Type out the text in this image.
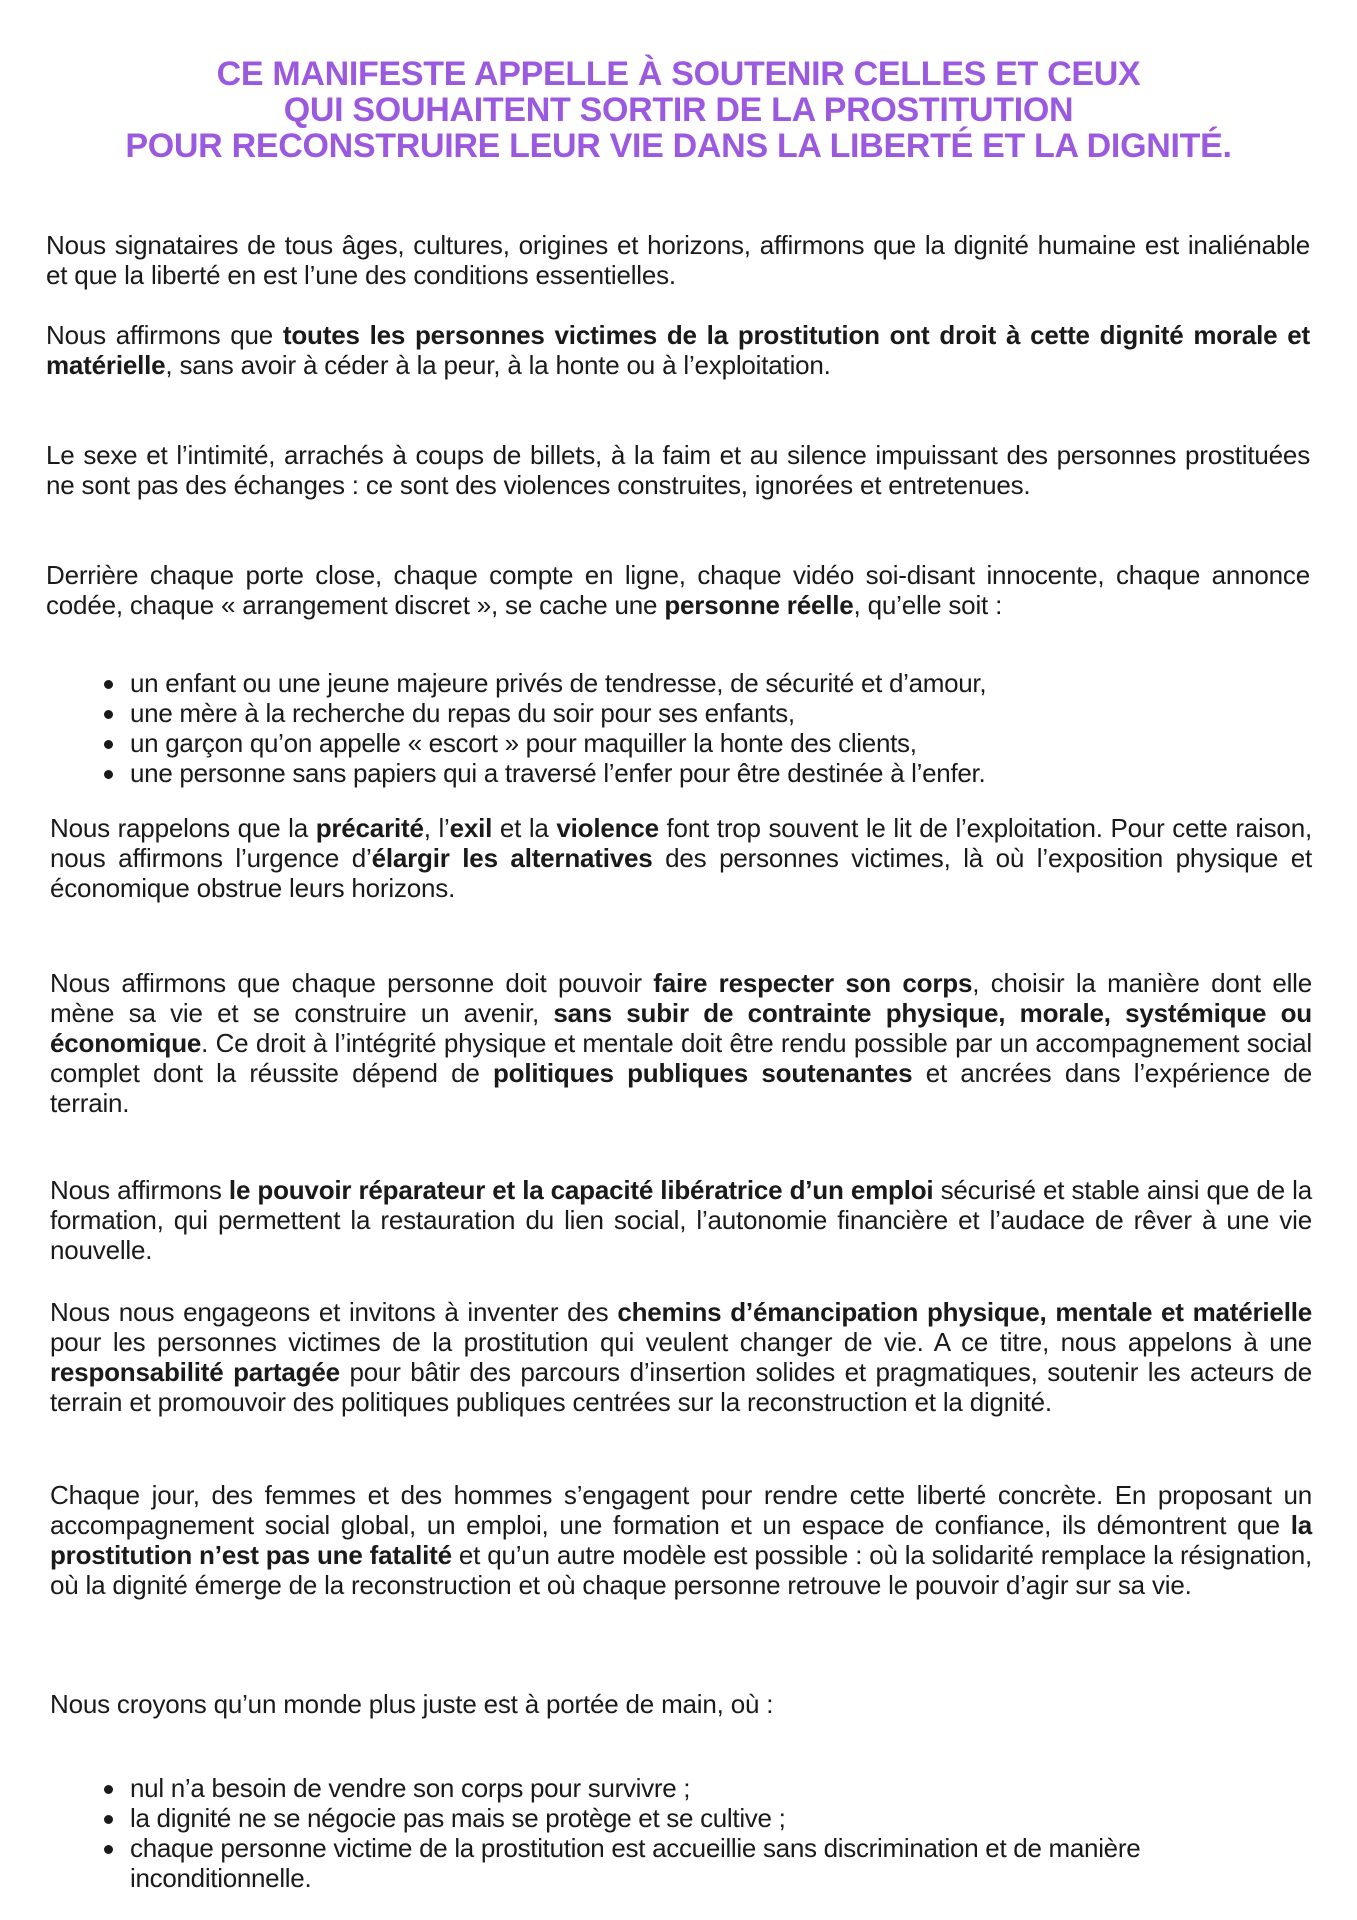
CE MANIFESTE APPELLE À SOUTENIR CELLES ET CEUX
QUI SOUHAITENT SORTIR DE LA PROSTITUTION
POUR RECONSTRUIRE LEUR VIE DANS LA LIBERTÉ ET LA DIGNITÉ.

Nous signataires de tous âges, cultures, origines et horizons, affirmons que la dignité humaine est inaliénable et que la liberté en est l’une des conditions essentielles.

Nous affirmons que toutes les personnes victimes de la prostitution ont droit à cette dignité morale et matérielle, sans avoir à céder à la peur, à la honte ou à l’exploitation.

Le sexe et l’intimité, arrachés à coups de billets, à la faim et au silence impuissant des personnes prostituées ne sont pas des échanges : ce sont des violences construites, ignorées et entretenues.

Derrière chaque porte close, chaque compte en ligne, chaque vidéo soi-disant innocente, chaque annonce codée, chaque « arrangement discret », se cache une personne réelle, qu’elle soit :

un enfant ou une jeune majeure privés de tendresse, de sécurité et d’amour,
une mère à la recherche du repas du soir pour ses enfants,
un garçon qu’on appelle « escort » pour maquiller la honte des clients,
une personne sans papiers qui a traversé l’enfer pour être destinée à l’enfer.

Nous rappelons que la précarité, l’exil et la violence font trop souvent le lit de l’exploitation. Pour cette raison, nous affirmons l’urgence d’élargir les alternatives des personnes victimes, là où l’exposition physique et économique obstrue leurs horizons.

Nous affirmons que chaque personne doit pouvoir faire respecter son corps, choisir la manière dont elle mène sa vie et se construire un avenir, sans subir de contrainte physique, morale, systémique ou économique. Ce droit à l’intégrité physique et mentale doit être rendu possible par un accompagnement social complet dont la réussite dépend de politiques publiques soutenantes et ancrées dans l’expérience de terrain.

Nous affirmons le pouvoir réparateur et la capacité libératrice d’un emploi sécurisé et stable ainsi que de la formation, qui permettent la restauration du lien social, l’autonomie financière et l’audace de rêver à une vie nouvelle.

Nous nous engageons et invitons à inventer des chemins d’émancipation physique, mentale et matérielle pour les personnes victimes de la prostitution qui veulent changer de vie. A ce titre, nous appelons à une responsabilité partagée pour bâtir des parcours d’insertion solides et pragmatiques, soutenir les acteurs de terrain et promouvoir des politiques publiques centrées sur la reconstruction et la dignité.

Chaque jour, des femmes et des hommes s’engagent pour rendre cette liberté concrète. En proposant un accompagnement social global, un emploi, une formation et un espace de confiance, ils démontrent que la prostitution n’est pas une fatalité et qu’un autre modèle est possible : où la solidarité remplace la résignation, où la dignité émerge de la reconstruction et où chaque personne retrouve le pouvoir d’agir sur sa vie.

Nous croyons qu’un monde plus juste est à portée de main, où :

nul n’a besoin de vendre son corps pour survivre ;
la dignité ne se négocie pas mais se protège et se cultive ;
chaque personne victime de la prostitution est accueillie sans discrimination et de manière inconditionnelle.
